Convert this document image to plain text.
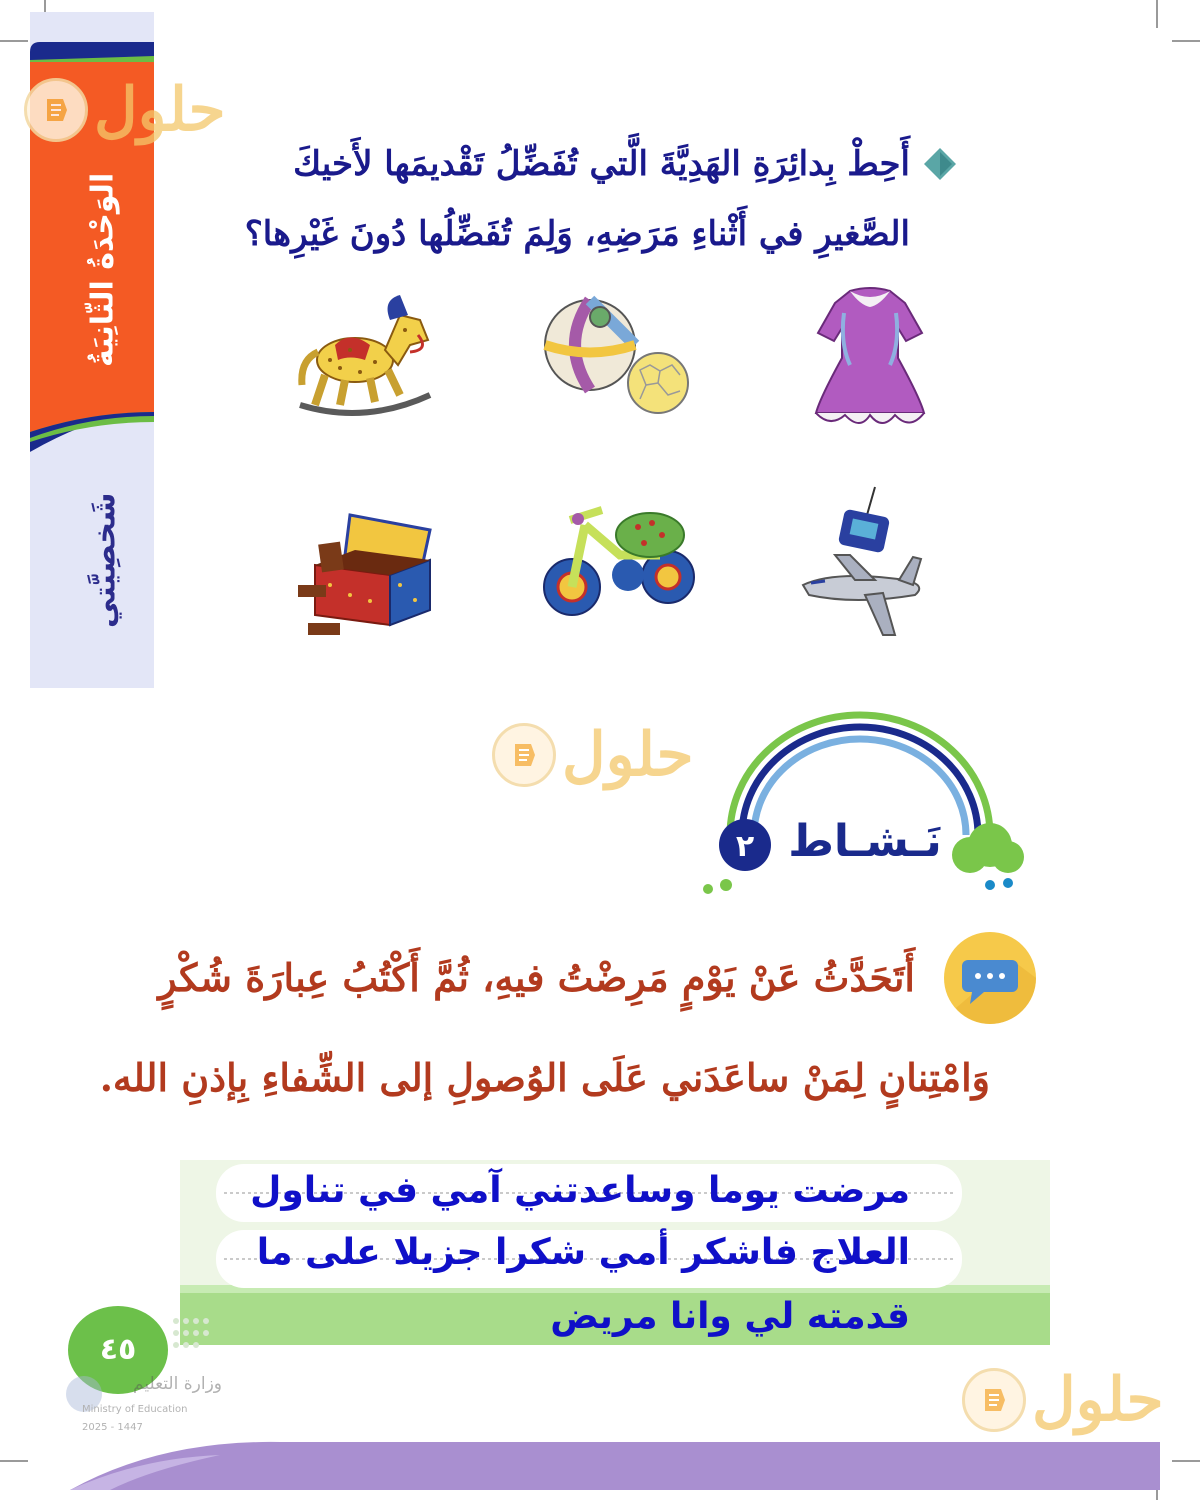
الوَحْدَةُ الثّانِيَةُ
شَخصِيَّتي
حلول
أَحِطْ بِدائِرَةِ الهَدِيَّةَ الَّتي تُفَضِّلُ تَقْديمَها لأَخيكَ
الصَّغيرِ في أَثْناءِ مَرَضِهِ، وَلِمَ تُفَضِّلُها دُونَ غَيْرِها؟
حلول
٢ نَـشـاط
أَتَحَدَّثُ عَنْ يَوْمٍ مَرِضْتُ فيهِ، ثُمَّ أَكْتُبُ عِبارَةَ شُكْرٍ
وَامْتِنانٍ لِمَنْ ساعَدَني عَلَى الوُصولِ إلى الشِّفاءِ بِإذنِ الله.
مرضت يوما وساعدتني آمي في تناول
العلاج فاشكر أمي شكرا جزيلا على ما
قدمته لي وانا مريض
٤٥
وزارة التعليم
Ministry of Education
2025 - 1447	حلول
